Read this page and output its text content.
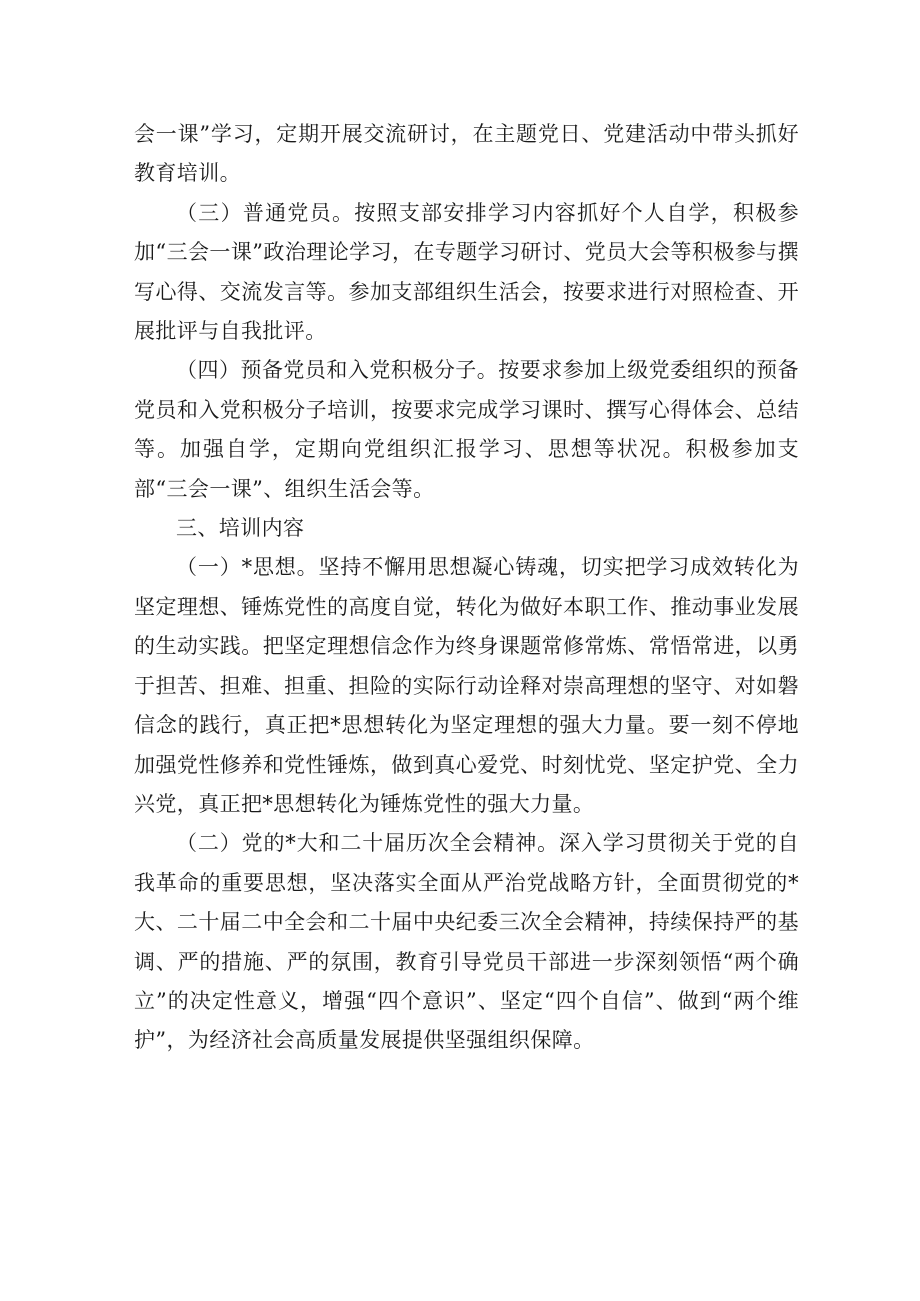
会一课”学习，定期开展交流研讨，在主题党日、党建活动中带头抓好教育培训。

（三）普通党员。按照支部安排学习内容抓好个人自学，积极参加“三会一课”政治理论学习，在专题学习研讨、党员大会等积极参与撰写心得、交流发言等。参加支部组织生活会，按要求进行对照检查、开展批评与自我批评。

（四）预备党员和入党积极分子。按要求参加上级党委组织的预备党员和入党积极分子培训，按要求完成学习课时、撰写心得体会、总结等。加强自学，定期向党组织汇报学习、思想等状况。积极参加支部“三会一课”、组织生活会等。

三、培训内容

（一）*思想。坚持不懈用思想凝心铸魂，切实把学习成效转化为坚定理想、锤炼党性的高度自觉，转化为做好本职工作、推动事业发展的生动实践。把坚定理想信念作为终身课题常修常炼、常悟常进，以勇于担苦、担难、担重、担险的实际行动诠释对崇高理想的坚守、对如磐信念的践行，真正把*思想转化为坚定理想的强大力量。要一刻不停地加强党性修养和党性锤炼，做到真心爱党、时刻忧党、坚定护党、全力兴党，真正把*思想转化为锤炼党性的强大力量。

（二）党的*大和二十届历次全会精神。深入学习贯彻关于党的自我革命的重要思想，坚决落实全面从严治党战略方针，全面贯彻党的*大、二十届二中全会和二十届中央纪委三次全会精神，持续保持严的基调、严的措施、严的氛围，教育引导党员干部进一步深刻领悟“两个确立”的决定性意义，增强“四个意识”、坚定“四个自信”、做到“两个维护”，为经济社会高质量发展提供坚强组织保障。
